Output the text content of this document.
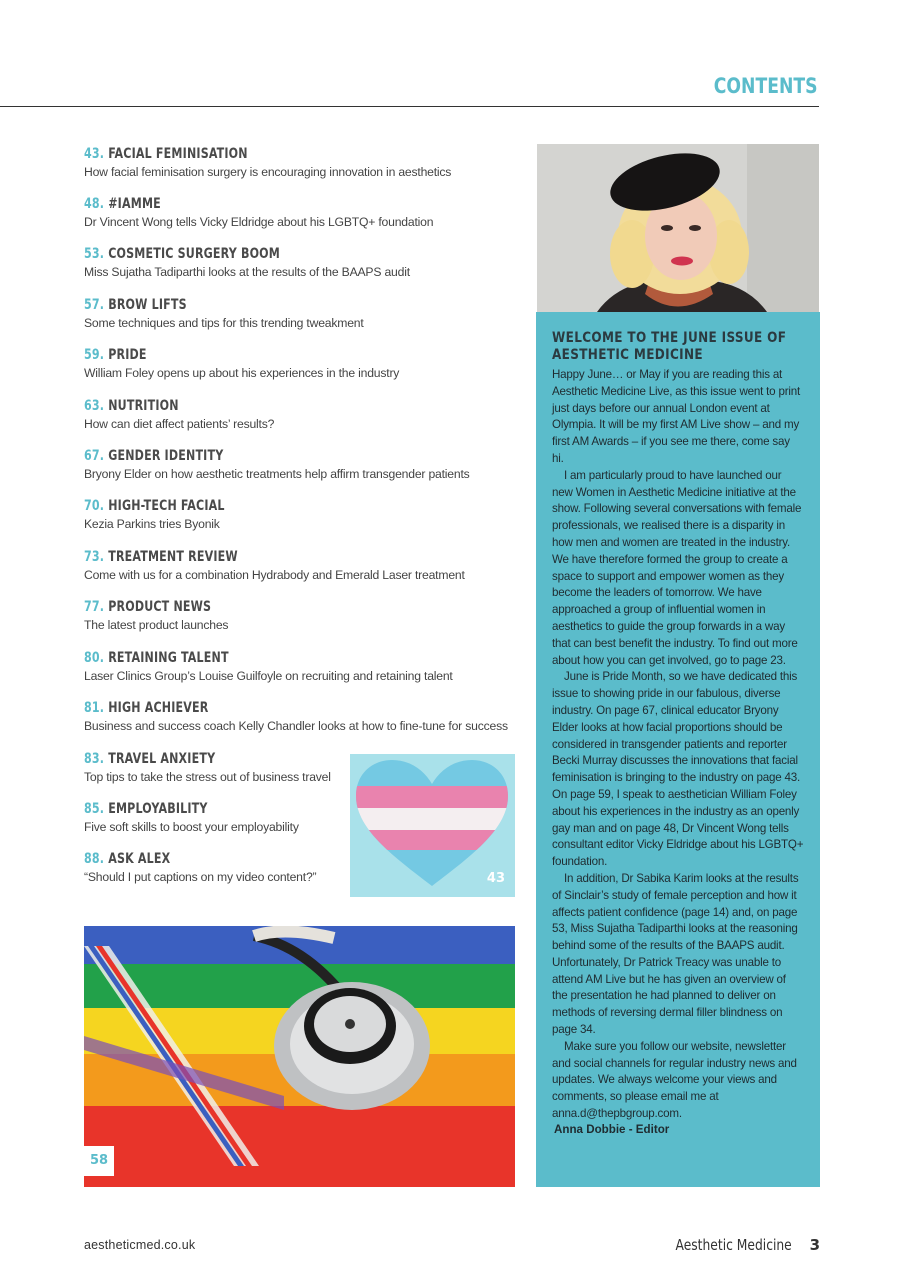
CONTENTS
43. FACIAL FEMINISATION
How facial feminisation surgery is encouraging innovation in aesthetics
48. #IAMME
Dr Vincent Wong tells Vicky Eldridge about his LGBTQ+ foundation
53. COSMETIC SURGERY BOOM
Miss Sujatha Tadiparthi looks at the results of the BAAPS audit
57. BROW LIFTS
Some techniques and tips for this trending tweakment
59. PRIDE
William Foley opens up about his experiences in the industry
63. NUTRITION
How can diet affect patients’ results?
67. GENDER IDENTITY
Bryony Elder on how aesthetic treatments help affirm transgender patients
70. HIGH-TECH FACIAL
Kezia Parkins tries Byonik
73. TREATMENT REVIEW
Come with us for a combination Hydrabody and Emerald Laser treatment
77. PRODUCT NEWS
The latest product launches
80. RETAINING TALENT
Laser Clinics Group’s Louise Guilfoyle on recruiting and retaining talent
81. HIGH ACHIEVER
Business and success coach Kelly Chandler looks at how to fine-tune for success
83. TRAVEL ANXIETY
Top tips to take the stress out of business travel
85. EMPLOYABILITY
Five soft skills to boost your employability
88. ASK ALEX
“Should I put captions on my video content?”
WELCOME TO THE JUNE ISSUE OF AESTHETIC MEDICINE

Happy June… or May if you are reading this at Aesthetic Medicine Live, as this issue went to print just days before our annual London event at Olympia. It will be my first AM Live show – and my first AM Awards – if you see me there, come say hi.

I am particularly proud to have launched our new Women in Aesthetic Medicine initiative at the show. Following several conversations with female professionals, we realised there is a disparity in how men and women are treated in the industry. We have therefore formed the group to create a space to support and empower women as they become the leaders of tomorrow. We have approached a group of influential women in aesthetics to guide the group forwards in a way that can best benefit the industry. To find out more about how you can get involved, go to page 23.

June is Pride Month, so we have dedicated this issue to showing pride in our fabulous, diverse industry. On page 67, clinical educator Bryony Elder looks at how facial proportions should be considered in transgender patients and reporter Becki Murray discusses the innovations that facial feminisation is bringing to the industry on page 43. On page 59, I speak to aesthetician William Foley about his experiences in the industry as an openly gay man and on page 48, Dr Vincent Wong tells consultant editor Vicky Eldridge about his LGBTQ+ foundation.

In addition, Dr Sabika Karim looks at the results of Sinclair’s study of female perception and how it affects patient confidence (page 14) and, on page 53, Miss Sujatha Tadiparthi looks at the reasoning behind some of the results of the BAAPS audit. Unfortunately, Dr Patrick Treacy was unable to attend AM Live but he has given an overview of the presentation he had planned to deliver on methods of reversing dermal filler blindness on page 34.

Make sure you follow our website, newsletter and social channels for regular industry news and updates. We always welcome your views and comments, so please email me at anna.d@thepbgroup.com.

Anna Dobbie - Editor
43
58
aestheticmed.co.uk	Aesthetic Medicine 3
